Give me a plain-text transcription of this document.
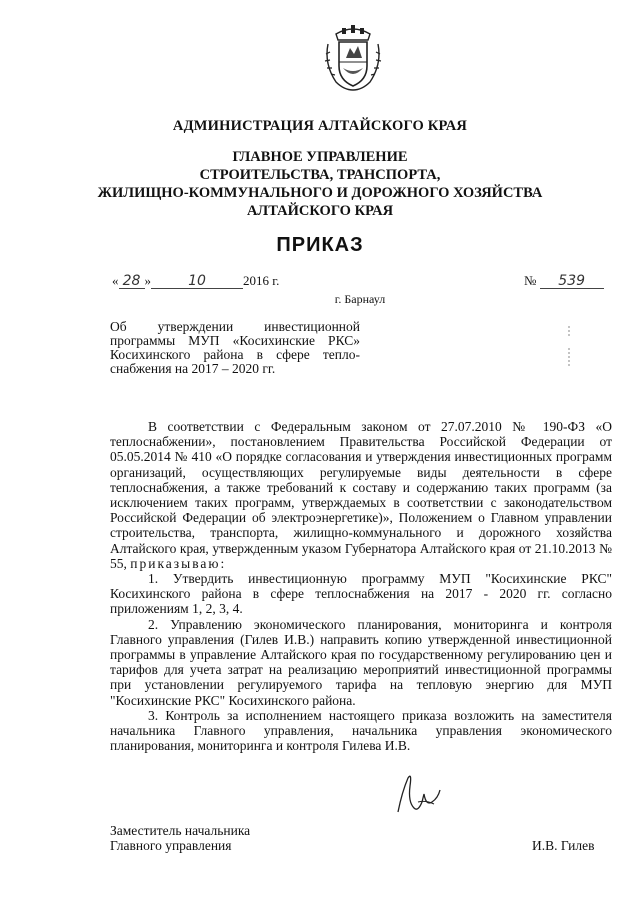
АДМИНИСТРАЦИЯ АЛТАЙСКОГО КРАЯ
ГЛАВНОЕ УПРАВЛЕНИЕ
СТРОИТЕЛЬСТВА, ТРАНСПОРТА,
ЖИЛИЩНО-КОММУНАЛЬНОГО И ДОРОЖНОГО ХОЗЯЙСТВА
АЛТАЙСКОГО КРАЯ
ПРИКАЗ
« 28 »	10	2016 г.	№ 539
г. Барнаул
Об утверждении инвестиционной программы МУП «Косихинские РКС» Косихинского района в сфере тепло-снабжения на 2017 – 2020 гг.

В соответствии с Федеральным законом от 27.07.2010 № 190-ФЗ «О теплоснабжении», постановлением Правительства Российской Федерации от 05.05.2014 № 410 «О порядке согласования и утверждения инвестиционных программ организаций, осуществляющих регулируемые виды деятельности в сфере теплоснабжения, а также требований к составу и содержанию таких программ (за исключением таких программ, утверждаемых в соответствии с законодательством Российской Федерации об электроэнергетике)», Положением о Главном управлении строительства, транспорта, жилищно-коммунального и дорожного хозяйства Алтайского края, утвержденным указом Губернатора Алтайского края от 21.10.2013 № 55, приказываю:

1. Утвердить инвестиционную программу МУП "Косихинские РКС" Косихинского района в сфере теплоснабжения на 2017 - 2020 гг. согласно приложениям 1, 2, 3, 4.

2. Управлению экономического планирования, мониторинга и контроля Главного управления (Гилев И.В.) направить копию утвержденной инвестиционной программы в управление Алтайского края по государственному регулированию цен и тарифов для учета затрат на реализацию мероприятий инвестиционной программы при установлении регулируемого тарифа на тепловую энергию для МУП "Косихинские РКС" Косихинского района.

3. Контроль за исполнением настоящего приказа возложить на заместителя начальника Главного управления, начальника управления экономического планирования, мониторинга и контроля Гилева И.В.

Заместитель начальника
Главного управления	И.В. Гилев
